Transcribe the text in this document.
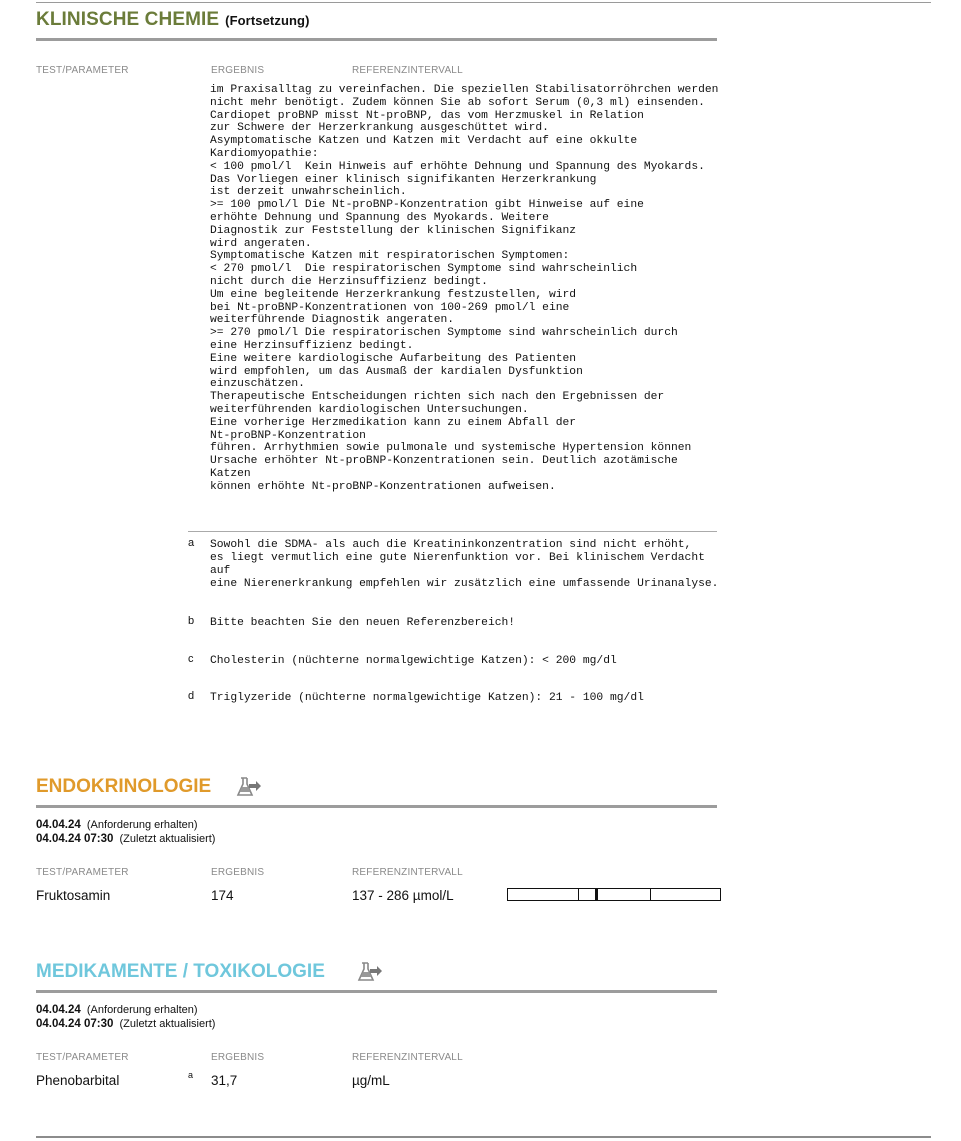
KLINISCHE CHEMIE (Fortsetzung)
TEST/PARAMETER	ERGEBNIS	REFERENZINTERVALL
im Praxisalltag zu vereinfachen. Die speziellen Stabilisatorröhrchen werden
nicht mehr benötigt. Zudem können Sie ab sofort Serum (0,3 ml) einsenden.
Cardiopet proBNP misst Nt-proBNP, das vom Herzmuskel in Relation
zur Schwere der Herzerkrankung ausgeschüttet wird.
Asymptomatische Katzen und Katzen mit Verdacht auf eine okkulte
Kardiomyopathie:
< 100 pmol/l  Kein Hinweis auf erhöhte Dehnung und Spannung des Myokards.
Das Vorliegen einer klinisch signifikanten Herzerkrankung
ist derzeit unwahrscheinlich.
>= 100 pmol/l Die Nt-proBNP-Konzentration gibt Hinweise auf eine
erhöhte Dehnung und Spannung des Myokards. Weitere
Diagnostik zur Feststellung der klinischen Signifikanz
wird angeraten.
Symptomatische Katzen mit respiratorischen Symptomen:
< 270 pmol/l  Die respiratorischen Symptome sind wahrscheinlich
nicht durch die Herzinsuffizienz bedingt.
Um eine begleitende Herzerkrankung festzustellen, wird
bei Nt-proBNP-Konzentrationen von 100-269 pmol/l eine
weiterführende Diagnostik angeraten.
>= 270 pmol/l Die respiratorischen Symptome sind wahrscheinlich durch
eine Herzinsuffizienz bedingt.
Eine weitere kardiologische Aufarbeitung des Patienten
wird empfohlen, um das Ausmaß der kardialen Dysfunktion
einzuschätzen.
Therapeutische Entscheidungen richten sich nach den Ergebnissen der
weiterführenden kardiologischen Untersuchungen.
Eine vorherige Herzmedikation kann zu einem Abfall der
Nt-proBNP-Konzentration
führen. Arrhythmien sowie pulmonale und systemische Hypertension können
Ursache erhöhter Nt-proBNP-Konzentrationen sein. Deutlich azotämische
Katzen
können erhöhte Nt-proBNP-Konzentrationen aufweisen.
a Sowohl die SDMA- als auch die Kreatininkonzentration sind nicht erhöht,
es liegt vermutlich eine gute Nierenfunktion vor. Bei klinischem Verdacht
auf
eine Nierenerkrankung empfehlen wir zusätzlich eine umfassende Urinanalyse.
b Bitte beachten Sie den neuen Referenzbereich!
c Cholesterin (nüchterne normalgewichtige Katzen): < 200 mg/dl
d Triglyzeride (nüchterne normalgewichtige Katzen): 21 - 100 mg/dl
ENDOKRINOLOGIE
04.04.24 (Anforderung erhalten)
04.04.24 07:30 (Zuletzt aktualisiert)
TEST/PARAMETER	ERGEBNIS	REFERENZINTERVALL
Fruktosamin	174	137 - 286 µmol/L
MEDIKAMENTE / TOXIKOLOGIE
04.04.24 (Anforderung erhalten)
04.04.24 07:30 (Zuletzt aktualisiert)
TEST/PARAMETER	ERGEBNIS	REFERENZINTERVALL
Phenobarbital	a 31,7	µg/mL
